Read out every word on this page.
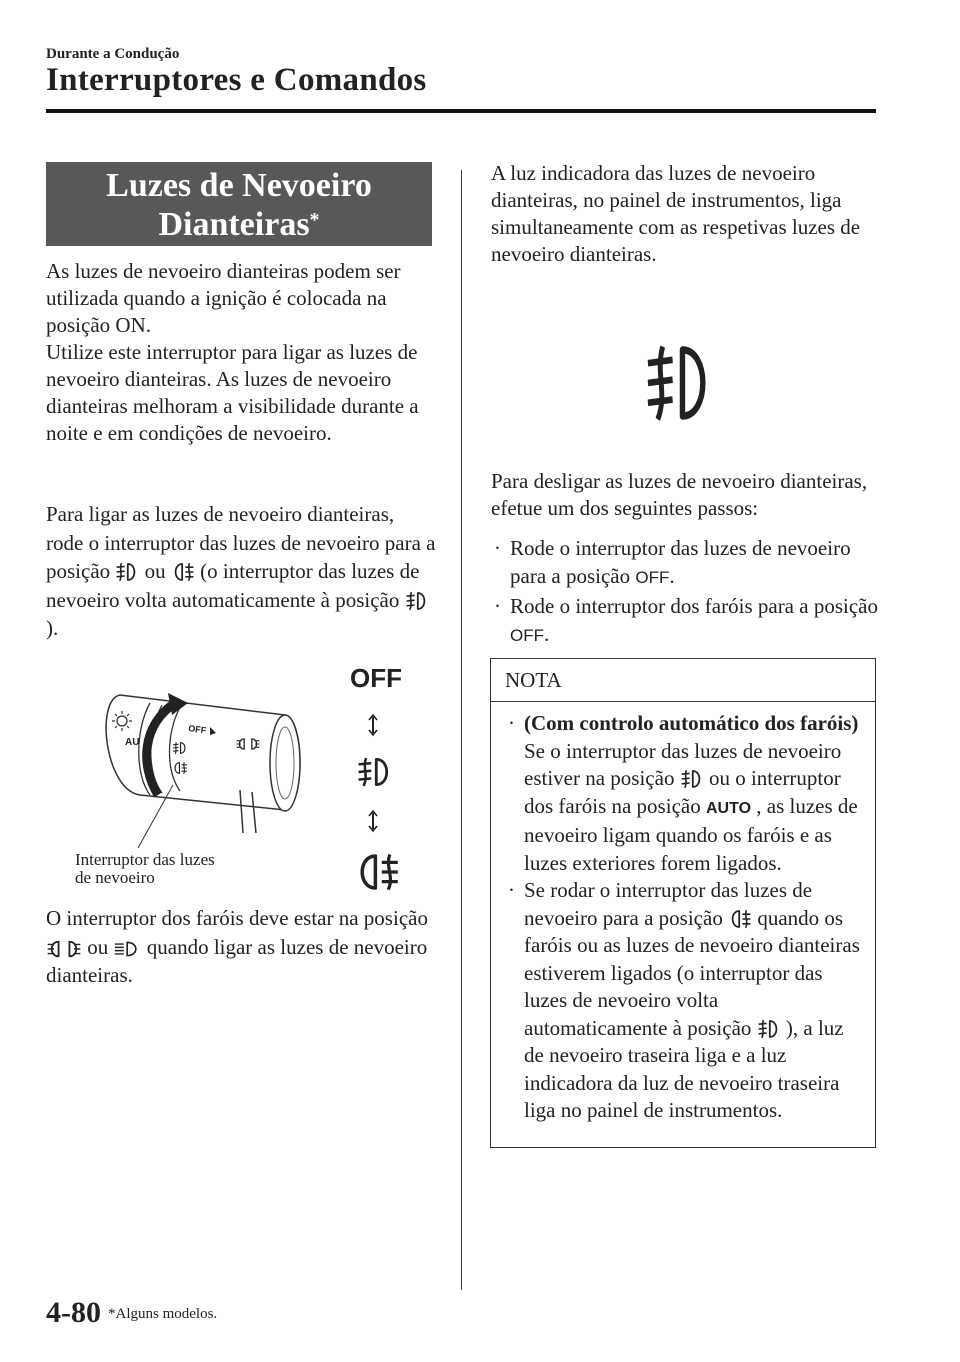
Durante a Condução
Interruptores e Comandos
Luzes de Nevoeiro
Dianteiras*

As luzes de nevoeiro dianteiras podem ser utilizada quando a ignição é colocada na posição ON.

Utilize este interruptor para ligar as luzes de nevoeiro dianteiras. As luzes de nevoeiro dianteiras melhoram a visibilidade durante a noite e em condições de nevoeiro.

Para ligar as luzes de nevoeiro dianteiras, rode o interruptor das luzes de nevoeiro para a posição ou (o interruptor das luzes de nevoeiro volta automaticamente à posição  ).
AU
OFF
OFF
Interruptor das luzes
de nevoeiro
O interruptor dos faróis deve estar na posição  ou quando ligar as luzes de nevoeiro dianteiras.
A luz indicadora das luzes de nevoeiro dianteiras, no painel de instrumentos, liga simultaneamente com as respetivas luzes de nevoeiro dianteiras.
Para desligar as luzes de nevoeiro dianteiras, efetue um dos seguintes passos:
· Rode o interruptor das luzes de nevoeiro para a posição OFF.
· Rode o interruptor dos faróis para a posição OFF.
NOTA
· (Com controlo automático dos faróis)
Se o interruptor das luzes de nevoeiro estiver na posição ou o interruptor dos faróis na posição AUTO , as luzes de nevoeiro ligam quando os faróis e as luzes exteriores forem ligados.
· Se rodar o interruptor das luzes de nevoeiro para a posição quando os faróis ou as luzes de nevoeiro dianteiras estiverem ligados (o interruptor das luzes de nevoeiro volta automaticamente à posição ), a luz de nevoeiro traseira liga e a luz indicadora da luz de nevoeiro traseira liga no painel de instrumentos.
4-80 *Alguns modelos.
